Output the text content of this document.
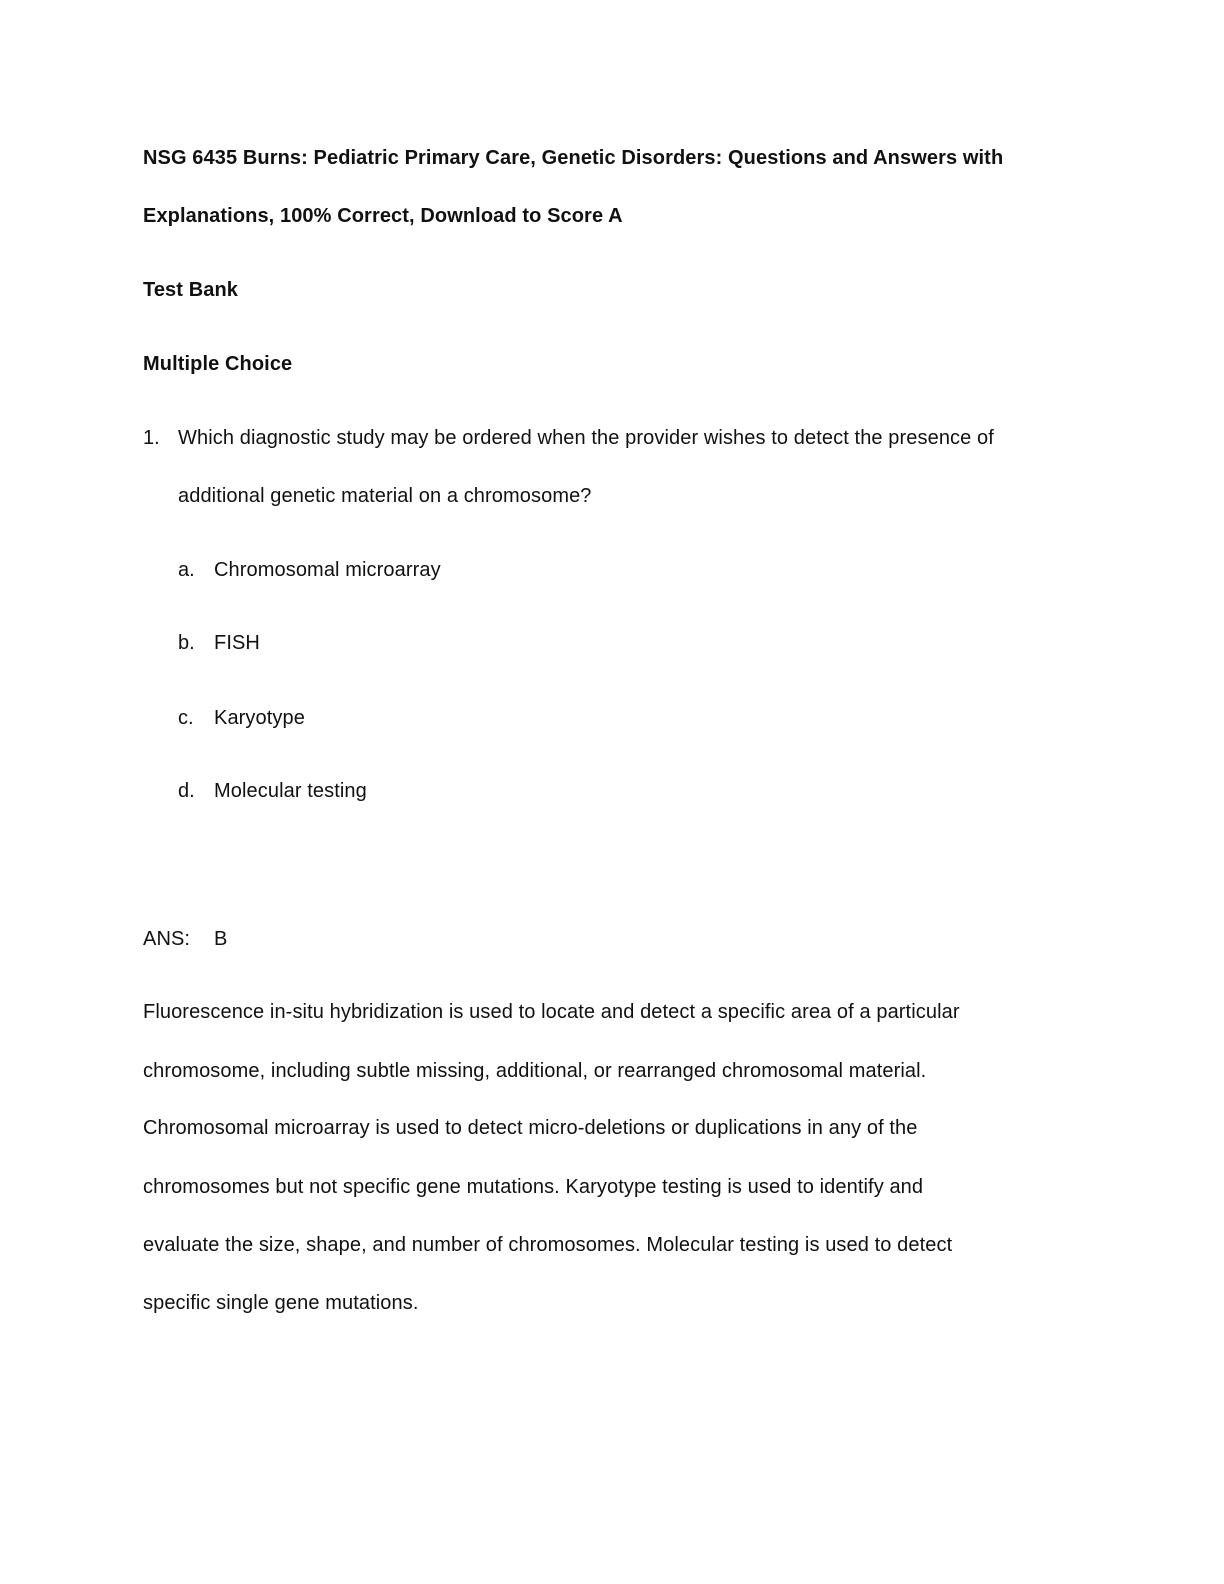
NSG 6435 Burns: Pediatric Primary Care, Genetic Disorders: Questions and Answers with
Explanations, 100% Correct, Download to Score A
Test Bank
Multiple Choice
1. Which diagnostic study may be ordered when the provider wishes to detect the presence of
additional genetic material on a chromosome?
a. Chromosomal microarray
b. FISH
c. Karyotype
d. Molecular testing
ANS: B
Fluorescence in-situ hybridization is used to locate and detect a specific area of a particular
chromosome, including subtle missing, additional, or rearranged chromosomal material.
Chromosomal microarray is used to detect micro-deletions or duplications in any of the
chromosomes but not specific gene mutations. Karyotype testing is used to identify and
evaluate the size, shape, and number of chromosomes. Molecular testing is used to detect
specific single gene mutations.
